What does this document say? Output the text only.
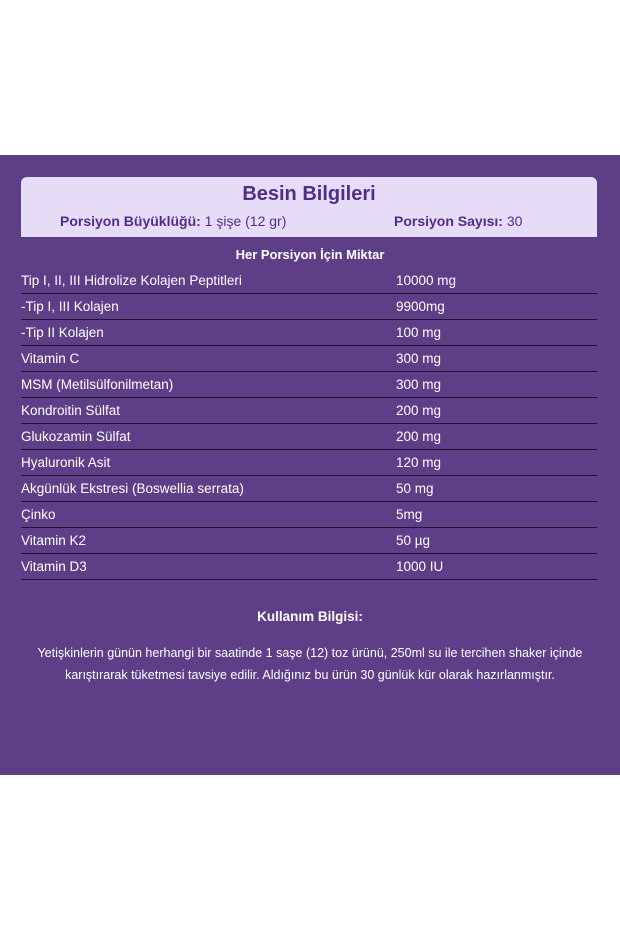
Besin Bilgileri
Porsiyon Büyüklüğü: 1 şişe (12 gr)	Porsiyon Sayısı: 30
Her Porsiyon İçin Miktar
Tip I, II, III Hidrolize Kolajen Peptitleri	10000 mg
-Tip I, III Kolajen	9900mg
-Tip II Kolajen	100 mg
Vitamin C	300 mg
MSM (Metilsülfonilmetan)	300 mg
Kondroitin Sülfat	200 mg
Glukozamin Sülfat	200 mg
Hyaluronik Asit	120 mg
Akgünlük Ekstresi (Boswellia serrata)	50 mg
Çinko	5mg
Vitamin K2	50 µg
Vitamin D3	1000 IU
Kullanım Bilgisi:
Yetişkinlerin günün herhangi bir saatinde 1 saşe (12) toz ürünü, 250ml su ile tercihen shaker içinde karıştırarak tüketmesi tavsiye edilir. Aldığınız bu ürün 30 günlük kür olarak hazırlanmıştır.
